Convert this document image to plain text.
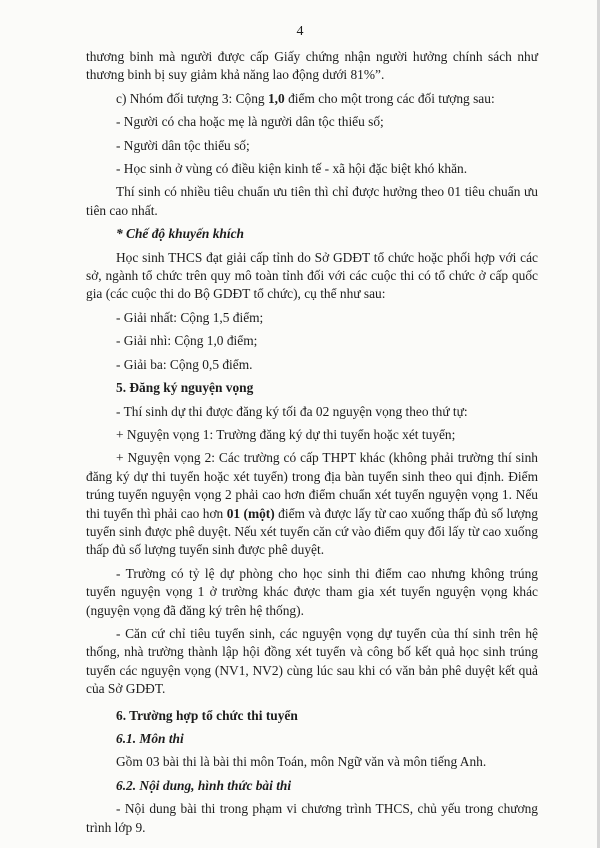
4

thương binh mà người được cấp Giấy chứng nhận người hưởng chính sách như thương binh bị suy giảm khả năng lao động dưới 81%”.

c) Nhóm đối tượng 3: Cộng 1,0 điểm cho một trong các đối tượng sau:

- Người có cha hoặc mẹ là người dân tộc thiểu số;

- Người dân tộc thiểu số;

- Học sinh ở vùng có điều kiện kinh tế - xã hội đặc biệt khó khăn.

Thí sinh có nhiều tiêu chuẩn ưu tiên thì chỉ được hưởng theo 01 tiêu chuẩn ưu tiên cao nhất.

* Chế độ khuyến khích

Học sinh THCS đạt giải cấp tỉnh do Sở GDĐT tổ chức hoặc phối hợp với các sở, ngành tổ chức trên quy mô toàn tỉnh đối với các cuộc thi có tổ chức ở cấp quốc gia (các cuộc thi do Bộ GDĐT tổ chức), cụ thể như sau:

- Giải nhất: Cộng 1,5 điểm;

- Giải nhì: Cộng 1,0 điểm;

- Giải ba: Cộng 0,5 điểm.

5. Đăng ký nguyện vọng

- Thí sinh dự thi được đăng ký tối đa 02 nguyện vọng theo thứ tự:

+ Nguyện vọng 1: Trường đăng ký dự thi tuyển hoặc xét tuyển;

+ Nguyện vọng 2: Các trường có cấp THPT khác (không phải trường thí sinh đăng ký dự thi tuyển hoặc xét tuyển) trong địa bàn tuyển sinh theo qui định. Điểm trúng tuyển nguyện vọng 2 phải cao hơn điểm chuẩn xét tuyển nguyện vọng 1. Nếu thi tuyển thì phải cao hơn 01 (một) điểm và được lấy từ cao xuống thấp đủ số lượng tuyển sinh được phê duyệt. Nếu xét tuyển căn cứ vào điểm quy đổi lấy từ cao xuống thấp đủ số lượng tuyển sinh được phê duyệt.

- Trường có tỷ lệ dự phòng cho học sinh thi điểm cao nhưng không trúng tuyển nguyện vọng 1 ở trường khác được tham gia xét tuyển nguyện vọng khác (nguyện vọng đã đăng ký trên hệ thống).

- Căn cứ chỉ tiêu tuyển sinh, các nguyện vọng dự tuyển của thí sinh trên hệ thống, nhà trường thành lập hội đồng xét tuyển và công bố kết quả học sinh trúng tuyển các nguyện vọng (NV1, NV2) cùng lúc sau khi có văn bản phê duyệt kết quả của Sở GDĐT.

6. Trường hợp tổ chức thi tuyển

6.1. Môn thi

Gồm 03 bài thi là bài thi môn Toán, môn Ngữ văn và môn tiếng Anh.

6.2. Nội dung, hình thức bài thi

- Nội dung bài thi trong phạm vi chương trình THCS, chủ yếu trong chương trình lớp 9.
